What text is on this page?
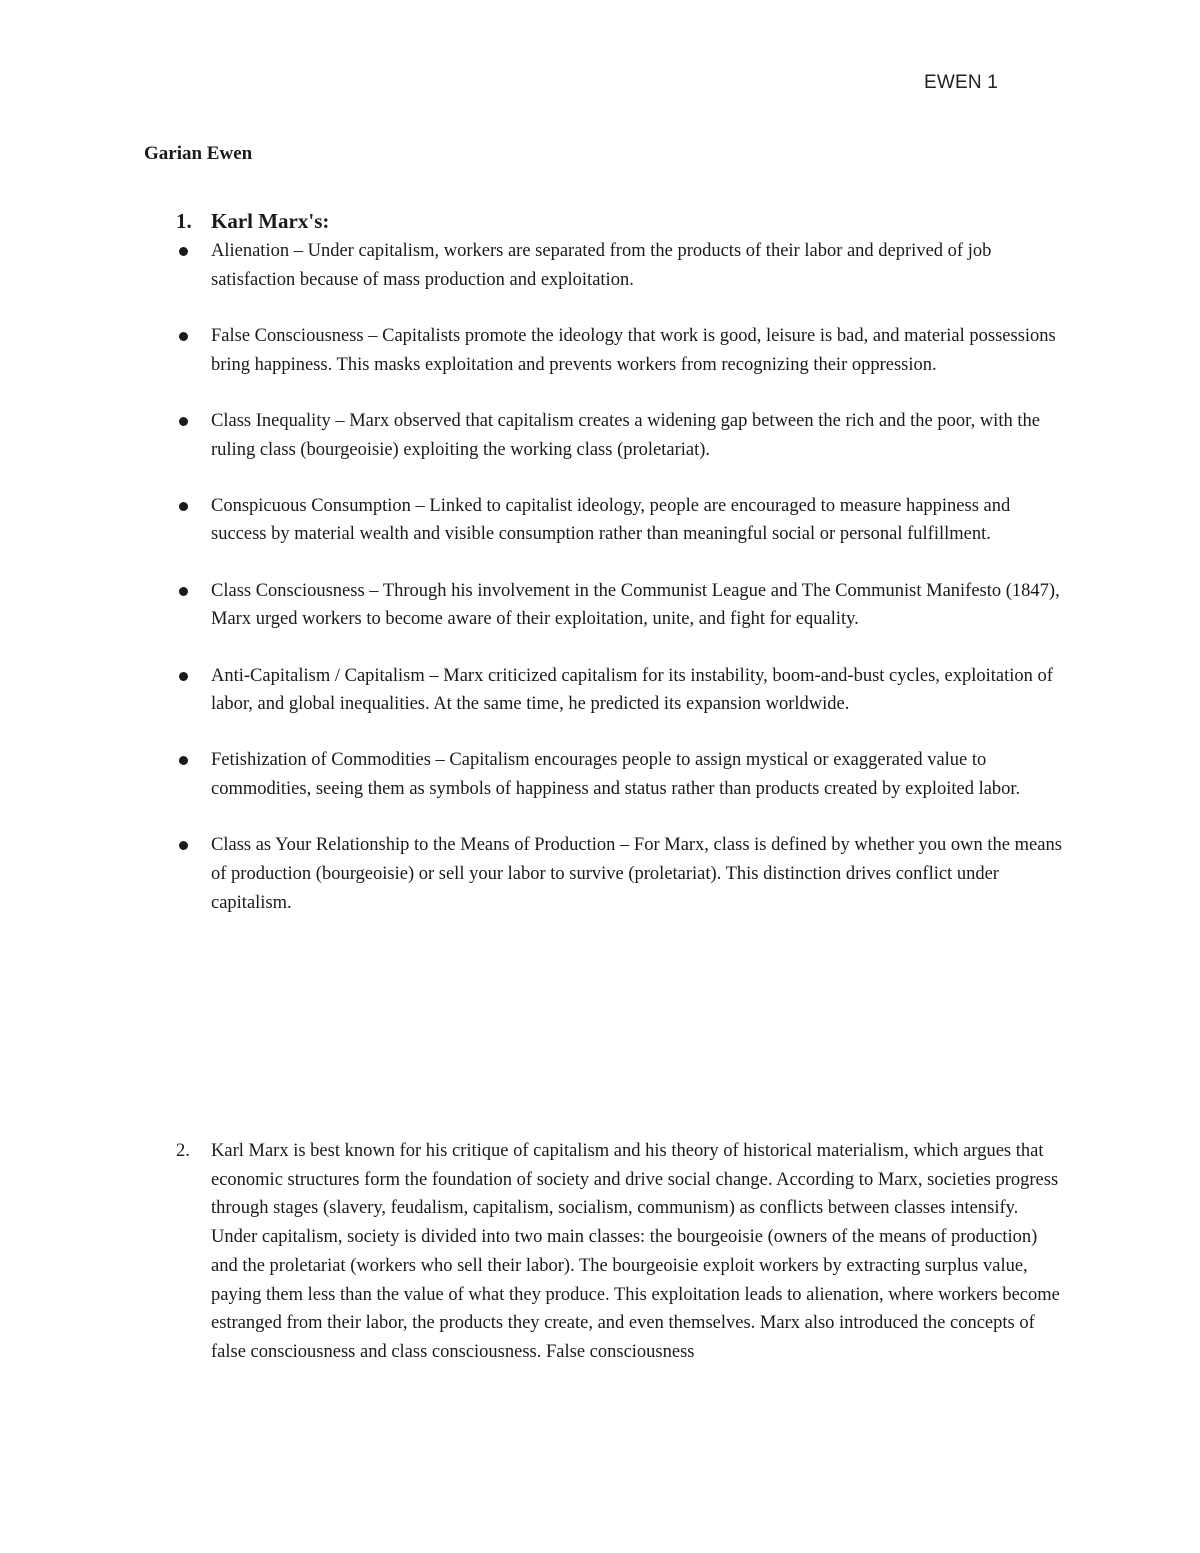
EWEN 1
Garian Ewen
1. Karl Marx's:
Alienation – Under capitalism, workers are separated from the products of their labor and deprived of job satisfaction because of mass production and exploitation.
False Consciousness – Capitalists promote the ideology that work is good, leisure is bad, and material possessions bring happiness. This masks exploitation and prevents workers from recognizing their oppression.
Class Inequality – Marx observed that capitalism creates a widening gap between the rich and the poor, with the ruling class (bourgeoisie) exploiting the working class (proletariat).
Conspicuous Consumption – Linked to capitalist ideology, people are encouraged to measure happiness and success by material wealth and visible consumption rather than meaningful social or personal fulfillment.
Class Consciousness – Through his involvement in the Communist League and The Communist Manifesto (1847), Marx urged workers to become aware of their exploitation, unite, and fight for equality.
Anti-Capitalism / Capitalism – Marx criticized capitalism for its instability, boom-and-bust cycles, exploitation of labor, and global inequalities. At the same time, he predicted its expansion worldwide.
Fetishization of Commodities – Capitalism encourages people to assign mystical or exaggerated value to commodities, seeing them as symbols of happiness and status rather than products created by exploited labor.
Class as Your Relationship to the Means of Production – For Marx, class is defined by whether you own the means of production (bourgeoisie) or sell your labor to survive (proletariat). This distinction drives conflict under capitalism.
2. Karl Marx is best known for his critique of capitalism and his theory of historical materialism, which argues that economic structures form the foundation of society and drive social change. According to Marx, societies progress through stages (slavery, feudalism, capitalism, socialism, communism) as conflicts between classes intensify. Under capitalism, society is divided into two main classes: the bourgeoisie (owners of the means of production) and the proletariat (workers who sell their labor). The bourgeoisie exploit workers by extracting surplus value, paying them less than the value of what they produce. This exploitation leads to alienation, where workers become estranged from their labor, the products they create, and even themselves. Marx also introduced the concepts of false consciousness and class consciousness. False consciousness
